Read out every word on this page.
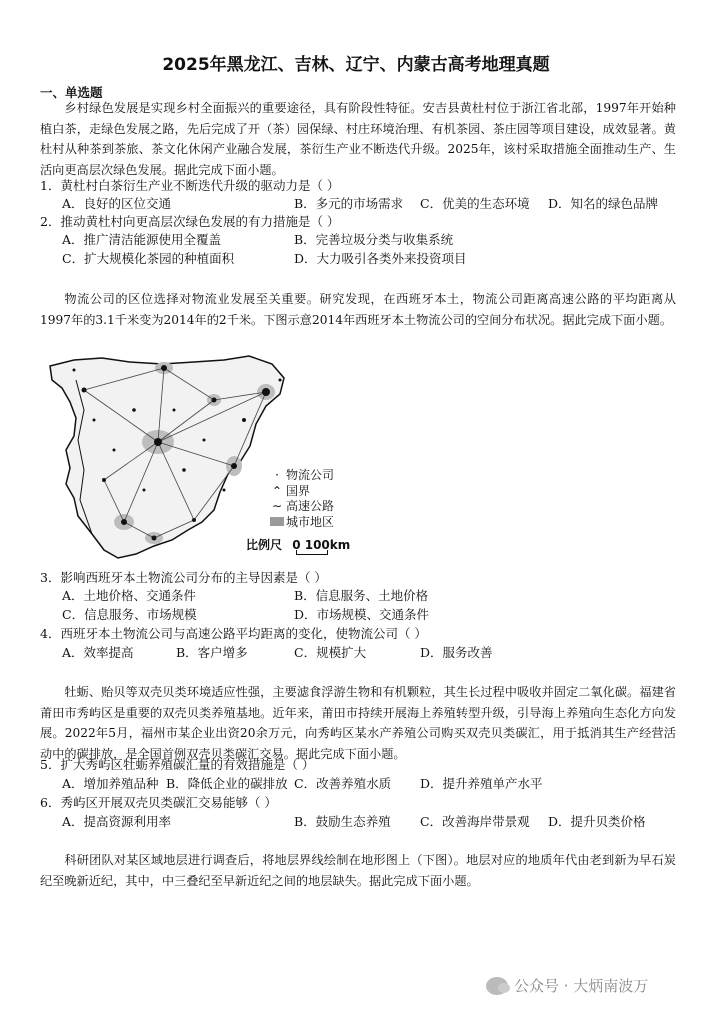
2025年黑龙江、吉林、辽宁、内蒙古高考地理真题
一、单选题

乡村绿色发展是实现乡村全面振兴的重要途径，具有阶段性特征。安吉县黄杜村位于浙江省北部，1997年开始种植白茶，走绿色发展之路，先后完成了开（茶）园保绿、村庄环境治理、有机茶园、茶庄园等项目建设，成效显著。黄杜村从种茶到茶旅、茶文化休闲产业融合发展，茶衍生产业不断迭代升级。2025年，该村采取措施全面推动生产、生活向更高层次绿色发展。据此完成下面小题。

1．黄杜村白茶衍生产业不断迭代升级的驱动力是（ ）
A．良好的区位交通	B．多元的市场需求 C．优美的生态环境 D．知名的绿色品牌
2．推动黄杜村向更高层次绿色发展的有力措施是（ ）
A．推广清洁能源使用全覆盖	B．完善垃圾分类与收集系统
C．扩大规模化茶园的种植面积	D．大力吸引各类外来投资项目

物流公司的区位选择对物流业发展至关重要。研究发现，在西班牙本土，物流公司距离高速公路的平均距离从1997年的3.1千米变为2014年的2千米。下图示意2014年西班牙本土物流公司的空间分布状况。据此完成下面小题。

· 物流公司
⌃ 国界
∼ 高速公路
城市地区
比例尺 0 100km
3．影响西班牙本土物流公司分布的主导因素是（ ）
A．土地价格、交通条件	B．信息服务、土地价格
C．信息服务、市场规模	D．市场规模、交通条件
4．西班牙本土物流公司与高速公路平均距离的变化，使物流公司（ ）
A．效率提高	B．客户增多	C．规模扩大	D．服务改善

牡蛎、贻贝等双壳贝类环境适应性强，主要滤食浮游生物和有机颗粒，其生长过程中吸收并固定二氧化碳。福建省莆田市秀屿区是重要的双壳贝类养殖基地。近年来，莆田市持续开展海上养殖转型升级，引导海上养殖向生态化方向发展。2022年5月，福州市某企业出资20余万元，向秀屿区某水产养殖公司购买双壳贝类碳汇，用于抵消其生产经营活动中的碳排放，是全国首例双壳贝类碳汇交易。据此完成下面小题。

5．扩大秀屿区牡蛎养殖碳汇量的有效措施是（ ）
A．增加养殖品种 B．降低企业的碳排放 C．改善养殖水质 D．提升养殖单产水平
6．秀屿区开展双壳贝类碳汇交易能够（ ）
A．提高资源利用率	B．鼓励生态养殖 C．改善海岸带景观 D．提升贝类价格

科研团队对某区域地层进行调查后，将地层界线绘制在地形图上（下图）。地层对应的地质年代由老到新为早石炭纪至晚新近纪，其中，中三叠纪至早新近纪之间的地层缺失。据此完成下面小题。

公众号 · 大炳南波万
